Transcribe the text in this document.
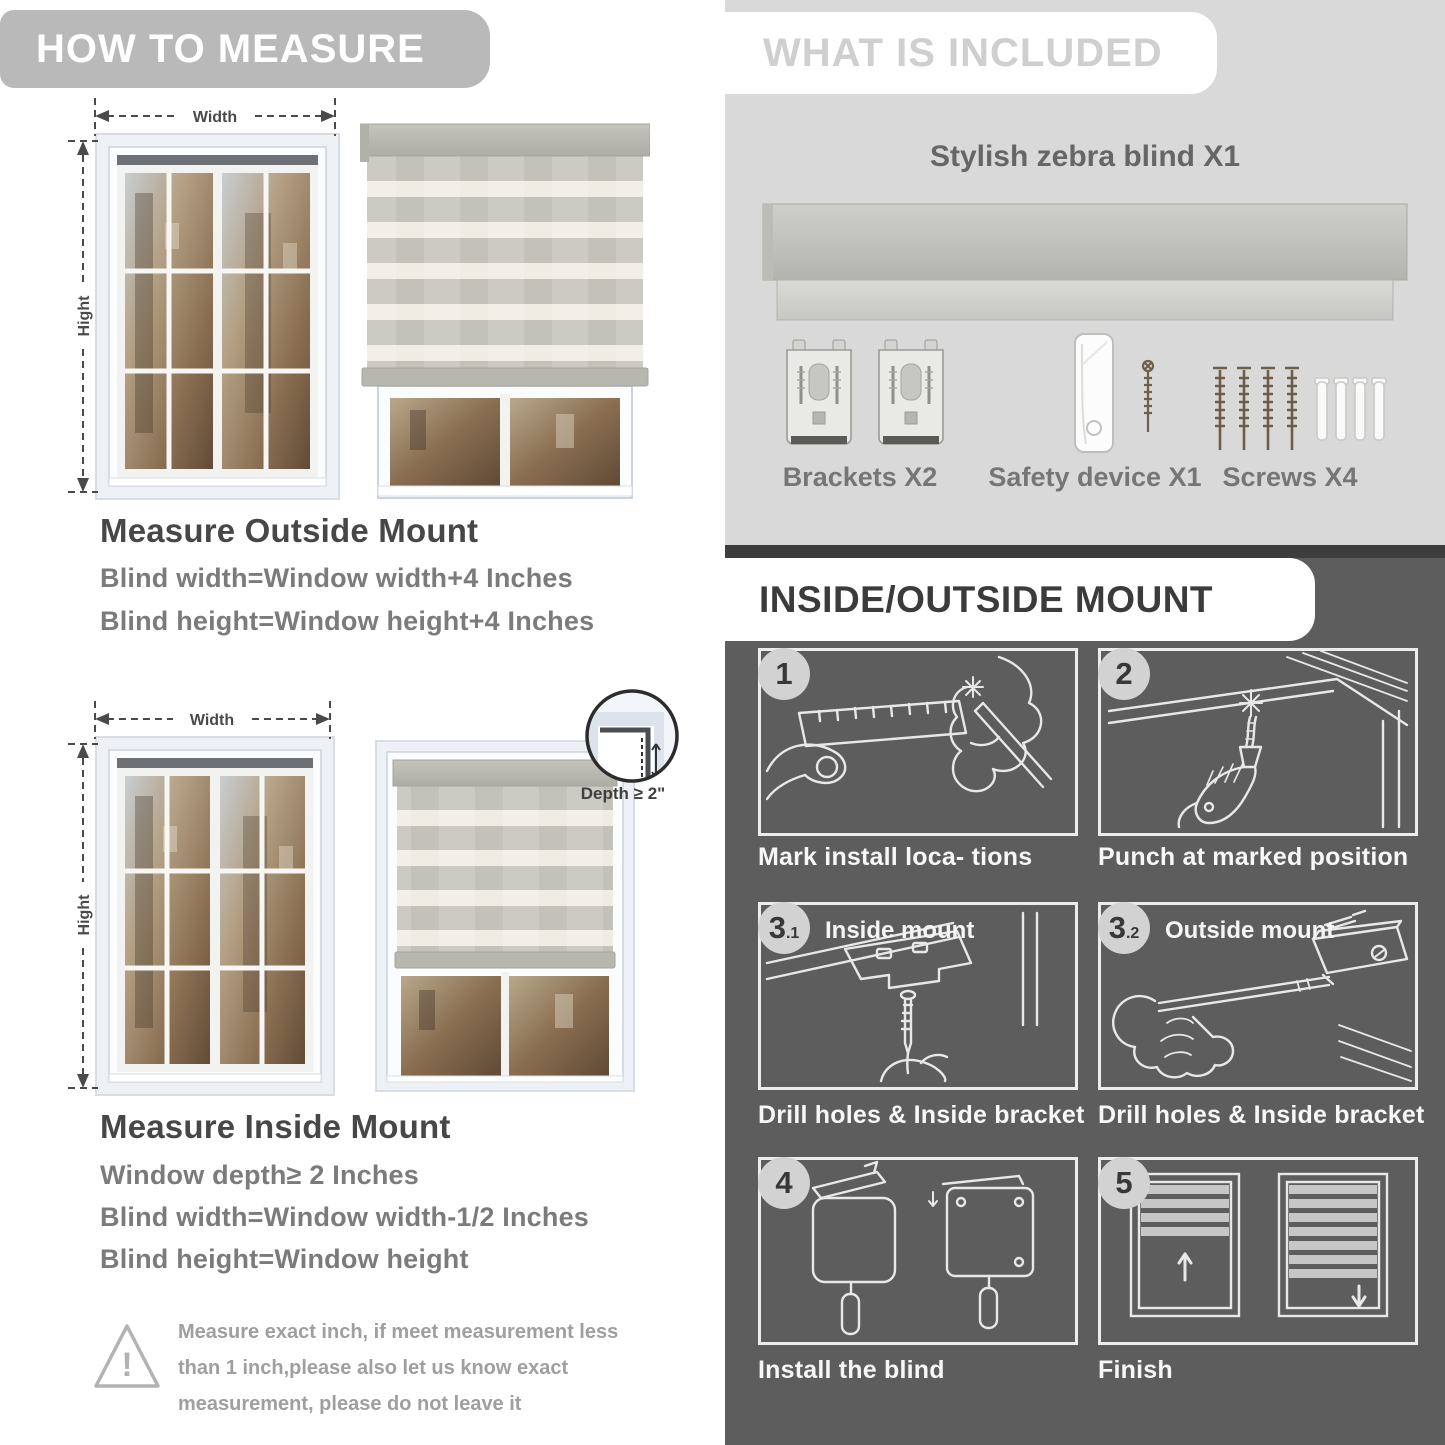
HOW TO MEASURE
Width
Hight
Measure Outside Mount
Blind width=Window width+4 Inches
Blind height=Window height+4 Inches
Width
Hight
Depth ≥ 2"
Measure Inside Mount
Window depth≥ 2 Inches
Blind width=Window width-1/2 Inches
Blind height=Window height
!
Measure exact inch, if meet measurement less than 1 inch,please also let us know exact measurement, please do not leave it
WHAT IS INCLUDED
Stylish zebra blind X1
Brackets X2	Safety device X1 Screws X4
INSIDE/OUTSIDE MOUNT
1	2
3 .1 Inside mount	3 .2 Outside mount
4	5
Mark install loca- tions	Punch at marked position
Drill holes & Inside bracket Drill holes & Inside bracket
Install the blind	Finish
